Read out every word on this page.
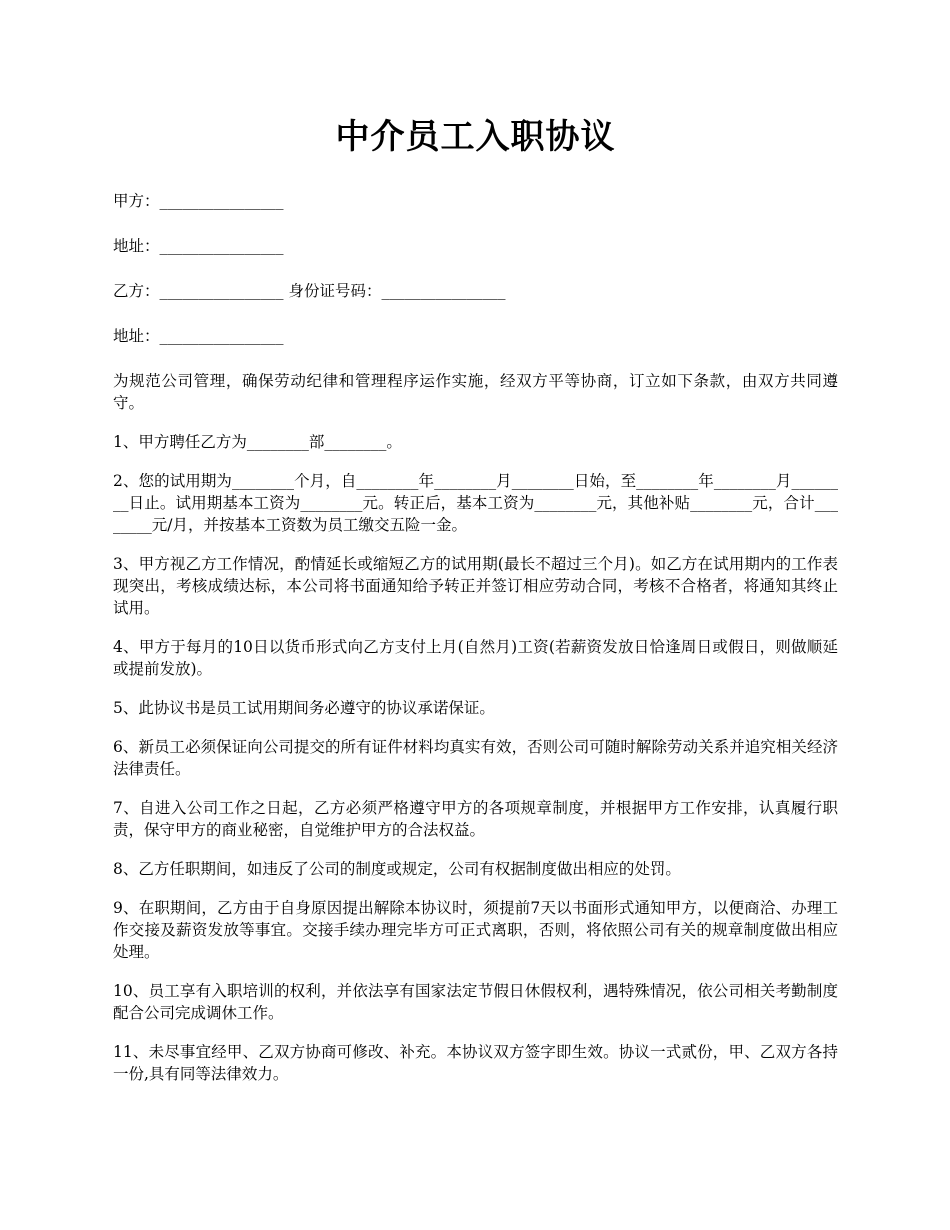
中介员工入职协议
甲方：________________
地址：________________
乙方：________________ 身份证号码：________________
地址：________________

为规范公司管理，确保劳动纪律和管理程序运作实施，经双方平等协商，订立如下条款，由双方共同遵守。

1、甲方聘任乙方为________部________。

2、您的试用期为________个月，自________年________月________日始，至________年________月________日止。试用期基本工资为________元。转正后，基本工资为________元，其他补贴________元，合计________元/月，并按基本工资数为员工缴交五险一金。

3、甲方视乙方工作情况，酌情延长或缩短乙方的试用期(最长不超过三个月)。如乙方在试用期内的工作表现突出，考核成绩达标，本公司将书面通知给予转正并签订相应劳动合同，考核不合格者，将通知其终止试用。

4、甲方于每月的10日以货币形式向乙方支付上月(自然月)工资(若薪资发放日恰逢周日或假日，则做顺延或提前发放)。

5、此协议书是员工试用期间务必遵守的协议承诺保证。

6、新员工必须保证向公司提交的所有证件材料均真实有效，否则公司可随时解除劳动关系并追究相关经济法律责任。

7、自进入公司工作之日起，乙方必须严格遵守甲方的各项规章制度，并根据甲方工作安排，认真履行职责，保守甲方的商业秘密，自觉维护甲方的合法权益。

8、乙方任职期间，如违反了公司的制度或规定，公司有权据制度做出相应的处罚。

9、在职期间，乙方由于自身原因提出解除本协议时，须提前7天以书面形式通知甲方，以便商洽、办理工作交接及薪资发放等事宜。交接手续办理完毕方可正式离职，否则，将依照公司有关的规章制度做出相应处理。

10、员工享有入职培训的权利，并依法享有国家法定节假日休假权利，遇特殊情况，依公司相关考勤制度配合公司完成调休工作。

11、未尽事宜经甲、乙双方协商可修改、补充。本协议双方签字即生效。协议一式贰份，甲、乙双方各持一份,具有同等法律效力。
